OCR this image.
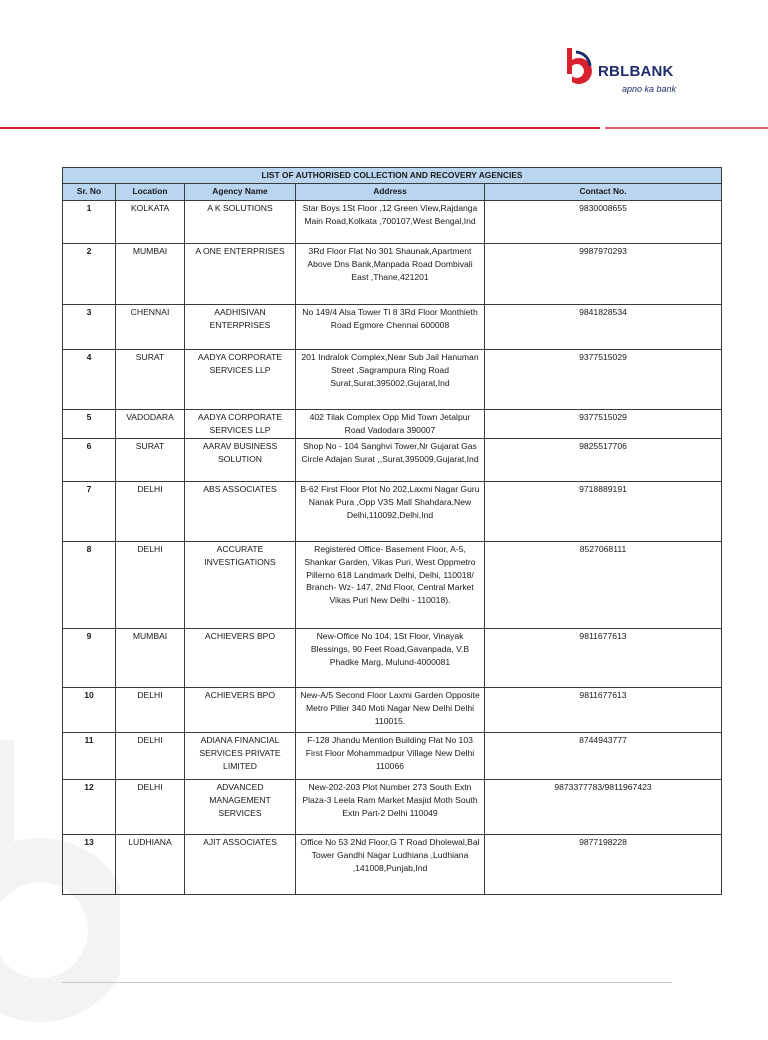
RBLBANK
apno ka bank
LIST OF AUTHORISED COLLECTION AND RECOVERY AGENCIES				
Sr. No	Location	Agency Name	Address	Contact No.
1	KOLKATA	A K SOLUTIONS	Star Boys 1St Floor ,12 Green View,Rajdanga Main Road,Kolkata ,700107,West Bengal,Ind	9830008655
2	MUMBAI	A ONE ENTERPRISES	3Rd Floor Flat No 301 Shaunak,Apartment Above Dns Bank,Manpada Road Dombivali East ,Thane,421201	9987970293
3	CHENNAI	AADHISIVAN ENTERPRISES	No 149/4 Alsa Tower Tl 8 3Rd Floor Monthieth Road Egmore Chennai 600008	9841828534
4	SURAT	AADYA CORPORATE SERVICES LLP	201 Indralok Complex,Near Sub Jail Hanuman Street ,Sagrampura Ring Road Surat,Surat,395002,Gujarat,Ind	9377515029
5	VADODARA	AADYA CORPORATE SERVICES LLP	402 Tilak Complex Opp Mid Town Jetalpur Road Vadodara 390007	9377515029
6	SURAT	AARAV BUSINESS SOLUTION	Shop No - 104 Sanghvi Tower,Nr Gujarat Gas Circle Adajan Surat ,,Surat,395009,Gujarat,Ind	9825517706
7	DELHI	ABS ASSOCIATES	B-62 First Floor Plot No 202,Laxmi Nagar Guru Nanak Pura ,Opp V3S Mall Shahdara,New Delhi,110092,Delhi,Ind	9718889191
8	DELHI	ACCURATE INVESTIGATIONS	Registered Office- Basement Floor, A-5, Shankar Garden, Vikas Puri, West Oppmetro Pillerno 618 Landmark Delhi, Delhi, 110018/ Branch- Wz- 147, 2Nd Floor, Central Market Vikas Puri New Delhi - 110018).	8527068111
9	MUMBAI	ACHIEVERS BPO	New-Office No 104, 1St Floor, Vinayak Blessings, 90 Feet Road,Gavanpada, V.B Phadke Marg, Mulund-4000081	9811677613
10	DELHI	ACHIEVERS BPO	New-A/5 Second Floor Laxmi Garden Opposite Metro Piller 340 Moti Nagar New Delhi Delhi 110015.	9811677613
11	DELHI	ADIANA FINANCIAL SERVICES PRIVATE LIMITED	F-128 Jhandu Mention Building Flat No 103 First Floor Mohammadpur Village New Delhi 110066	8744943777
12	DELHI	ADVANCED MANAGEMENT SERVICES	New-202-203 Plot Number 273 South Extn Plaza-3 Leela Ram Market Masjid Moth South Extn Part-2 Delhi 110049	9873377783/9811967423
13	LUDHIANA	AJIT ASSOCIATES	Office No 53 2Nd Floor,G T Road Dholewal,Bal Tower Gandhi Nagar Ludhiana ,Ludhiana ,141008,Punjab,Ind	9877198228
